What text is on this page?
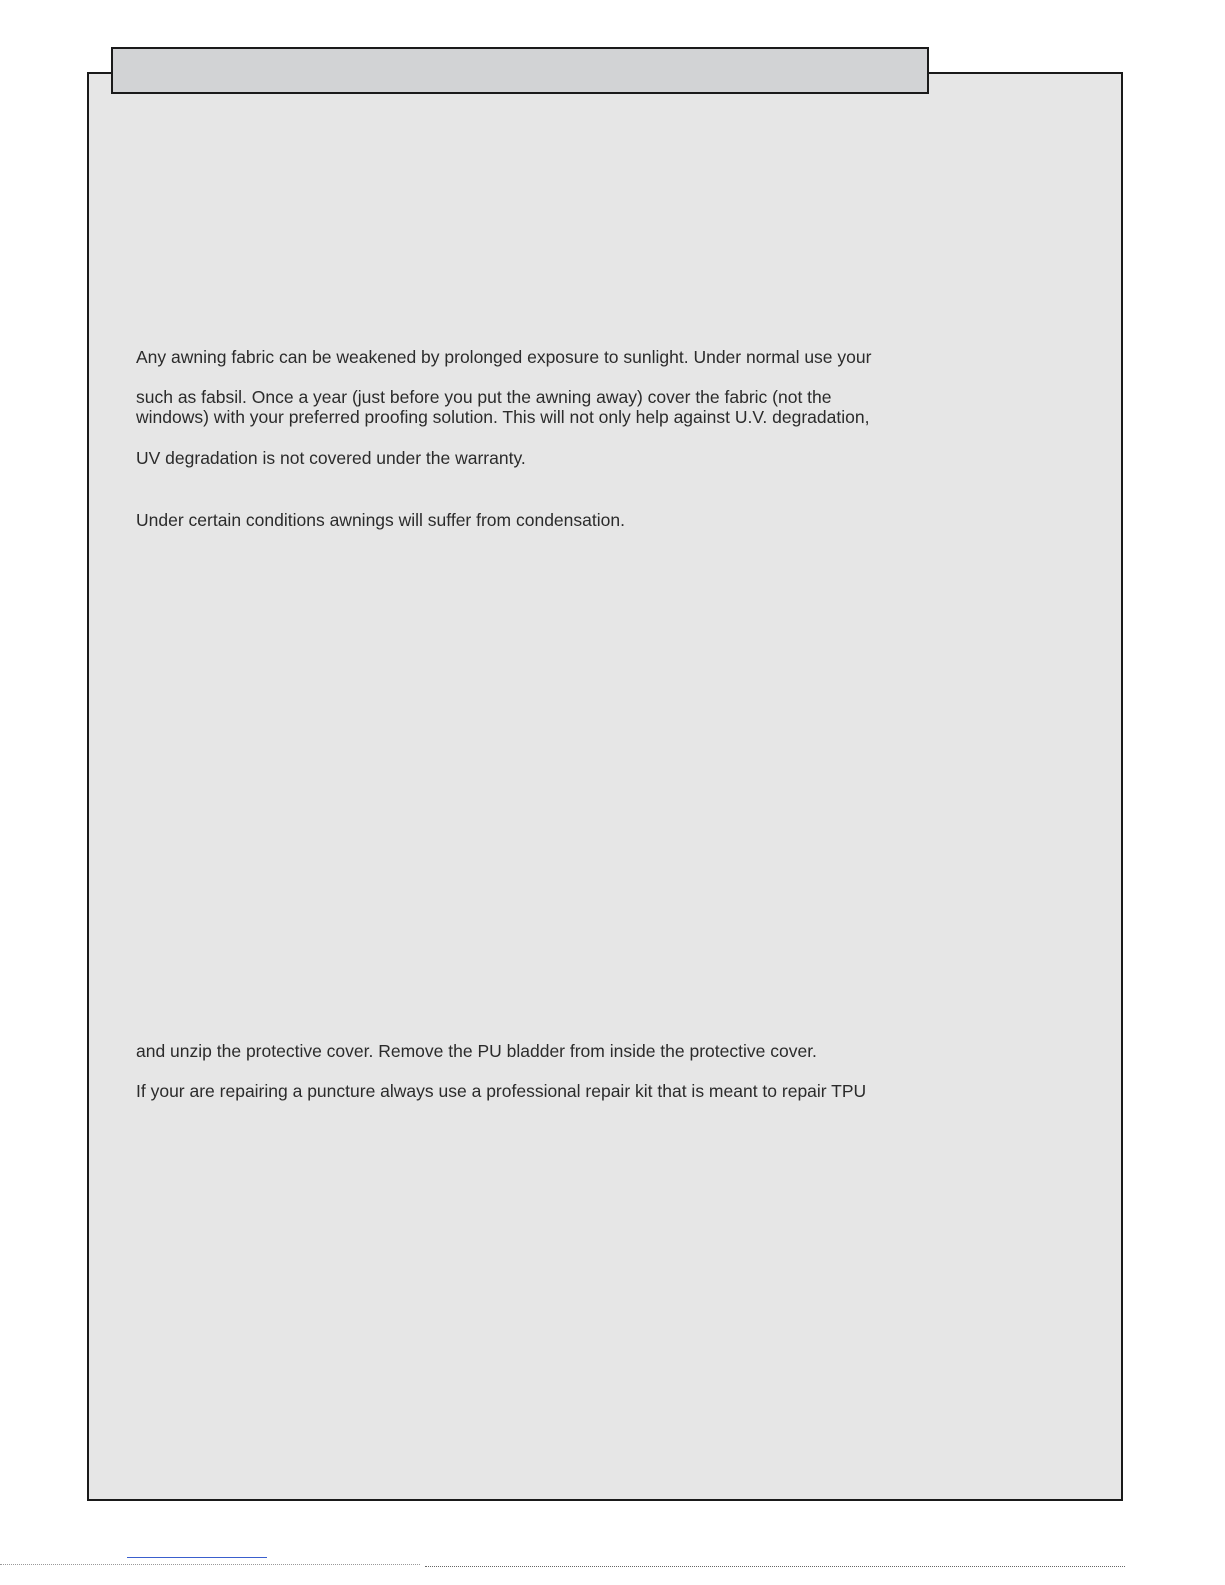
Any awning fabric can be weakened by prolonged exposure to sunlight. Under normal use your

such as fabsil. Once a year (just before you put the awning away) cover the fabric (not the

windows) with your preferred proofing solution. This will not only help against U.V. degradation,

UV degradation is not covered under the warranty.

Under certain conditions awnings will suffer from condensation.

and unzip the protective cover. Remove the PU bladder from inside the protective cover.

If your are repairing a puncture always use a professional repair kit that is meant to repair TPU
